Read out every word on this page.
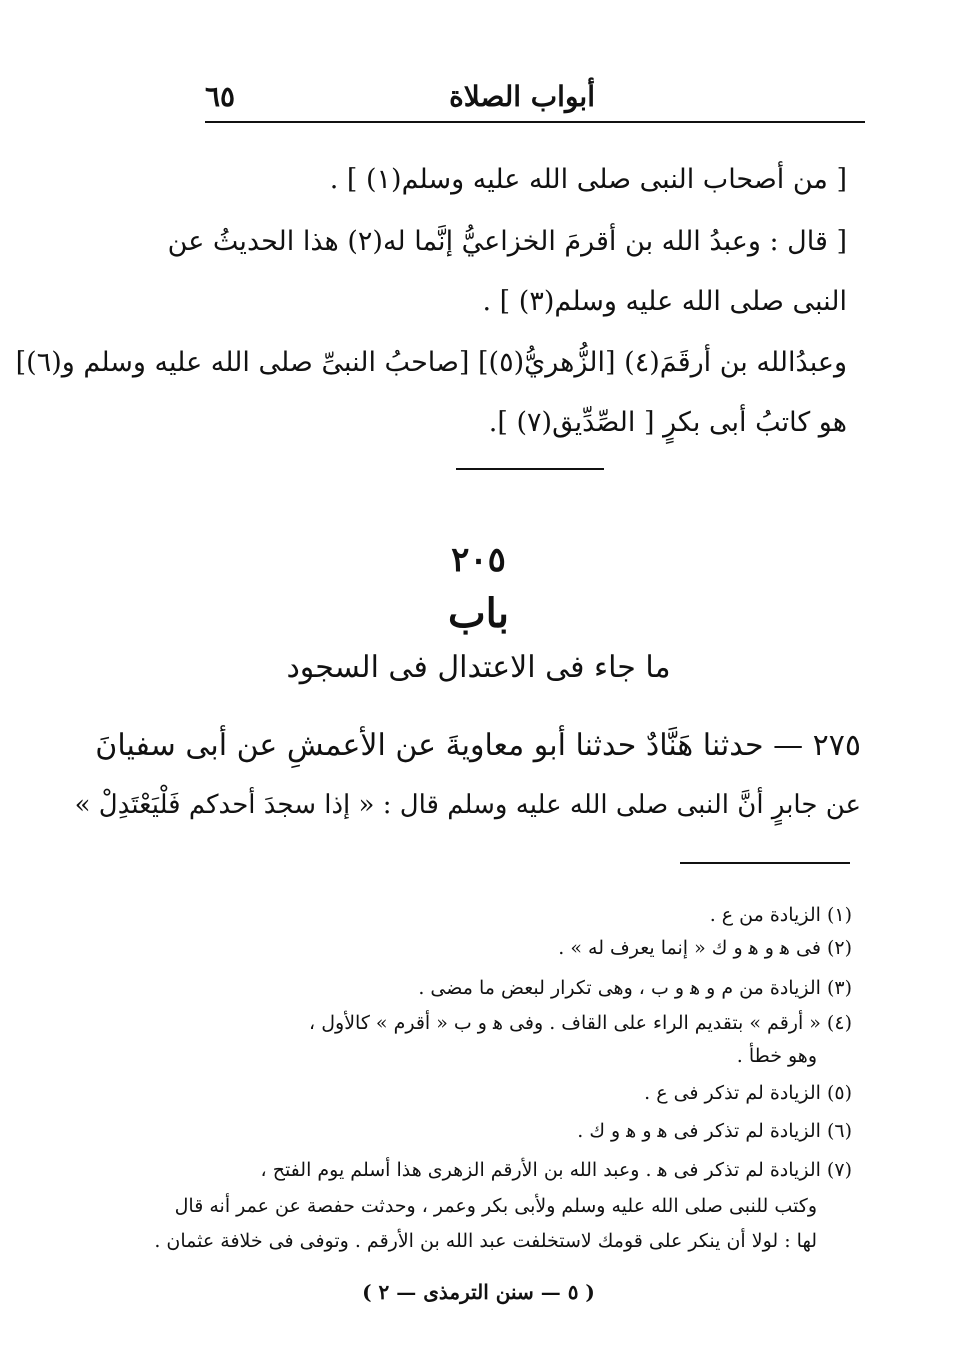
أبواب الصلاة
٦٥
[ من أصحاب النبى صلى الله عليه وسلم(١) ] .
[ قال : وعبدُ الله بن أقرمَ الخزاعيُّ إنَّما له(٢) هذا الحديثُ عن
النبى صلى الله عليه وسلم(٣) ] .
وعبدُالله بن أرقَمَ(٤) [الزُّهريُّ(٥)] [صاحبُ النبىِّ صلى الله عليه وسلم و(٦)]
هو كاتبُ أبى بكرٍ [ الصِّدِّيق(٧) ].
٢٠٥
باب
ما جاء فى الاعتدال فى السجود
٢٧٥ — حدثنا هَنَّادٌ حدثنا أبو معاويةَ عن الأعمشِ عن أبى سفيانَ
عن جابرٍ أنَّ النبى صلى الله عليه وسلم قال : « إذا سجدَ أحدكم فَلْيَعْتَدِلْ »
(١) الزيادة من ع .
(٢) فى ﻫ و ﻫ و ك « إنما يعرف له » .
(٣) الزيادة من م و ﻫ و ب ، وهى تكرار لبعض ما مضى .
(٤) « أرقم » بتقديم الراء على القاف . وفى ﻫ و ب « أقرم » كالأول ،
وهو خطأ .
(٥) الزيادة لم تذكر فى ع .
(٦) الزيادة لم تذكر فى ﻫ و ﻫ و ك .
(٧) الزيادة لم تذكر فى ﻫ . وعبد الله بن الأرقم الزهرى هذا أسلم يوم الفتح ،
وكتب للنبى صلى الله عليه وسلم ولأبى بكر وعمر ، وحدثت حفصة عن عمر أنه قال
لها : لولا أن ينكر على قومك لاستخلفت عبد الله بن الأرقم . وتوفى فى خلافة عثمان .
( ٥ — سنن الترمذى — ٢ )
